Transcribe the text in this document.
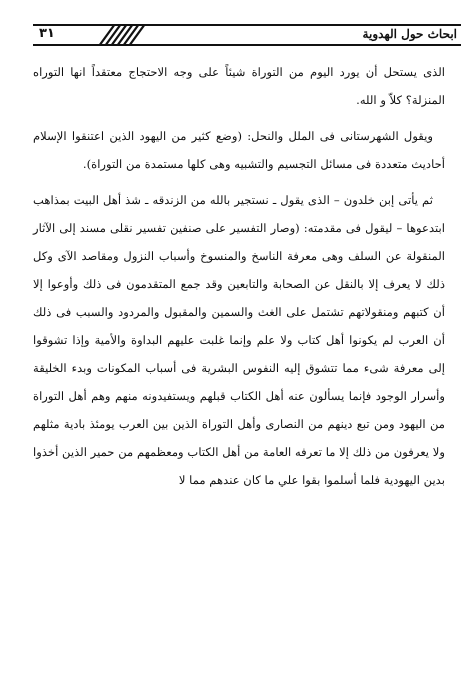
٣١	ابحاث حول الهدوية

الذى يستحل أن يورد اليوم من التوراة شيئاً على وجه الاحتجاج معتقداً انها التوراه المنزلة؟ كلاّ و الله.

ويقول الشهرستانى فى الملل والنحل: (وضع كثير من اليهود الذين اعتنقوا الإسلام أحاديث متعددة فى مسائل التجسيم والتشبيه وهى كلها مستمدة من التوراة).

ثم يأتى إبن خلدون – الذى يقول ـ نستجير بالله من الزندقه ـ شذ أهل البيت بمذاهب ابتدعوها – ليقول فى مقدمته: (وصار التفسير على صنفين تفسير نقلى مسند إلى الآثار المنقولة عن السلف وهى معرفة الناسخ والمنسوخ وأسباب النزول ومقاصد الآى وكل ذلك لا يعرف إلا بالنقل عن الصحابة والتابعين وقد جمع المتقدمون فى ذلك وأوعوا إلا أن كتبهم ومنقولاتهم تشتمل على الغث والسمين والمقبول والمردود والسبب فى ذلك أن العرب لم يكونوا أهل كتاب ولا علم وإنما غلبت عليهم البداوة والأمية وإذا تشوقوا إلى معرفة شىء مما تتشوق إليه النفوس البشرية فى أسباب المكونات وبدء الخليقة وأسرار الوجود فإنما يسألون عنه أهل الكتاب قبلهم ويستفيدونه منهم وهم أهل التوراة من اليهود ومن تبع دينهم من النصارى وأهل التوراة الذين بين العرب يومئذ بادية مثلهم ولا يعرفون من ذلك إلا ما تعرفه العامة من أهل الكتاب ومعظمهم من حمير الذين أخذوا بدين اليهودية فلما أسلموا بقوا علي ما كان عندهم مما لا
